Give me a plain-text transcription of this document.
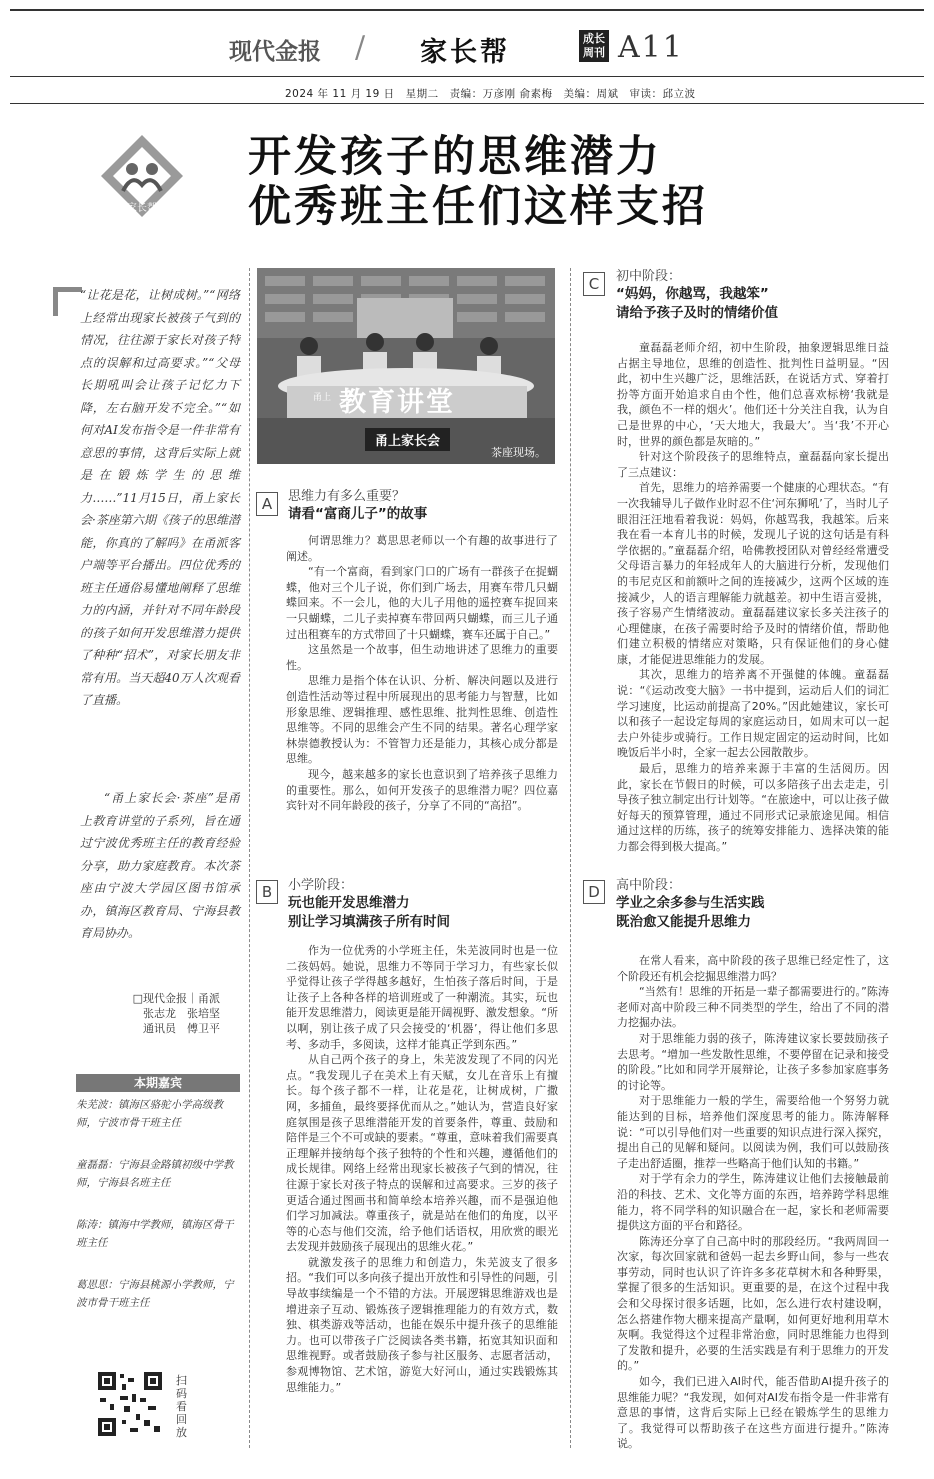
现代金报 / 家长帮	成长
周刊 A11
2024 年 11 月 19 日　星期二　责编：万彦刚 俞素梅　美编：周斌　审读：邱立波
家长帮
开发孩子的思维潜力
优秀班主任们这样支招
“让花是花，让树成树。”“网络上经常出现家长被孩子气到的情况，往往源于家长对孩子特点的误解和过高要求。”“父母长期吼叫会让孩子记忆力下降，左右脑开发不完全。”“如何对AI发布指令是一件非常有意思的事情，这背后实际上就是在锻炼学生的思维力……”11月15日，甬上家长会·茶座第六期《孩子的思维潜能，你真的了解吗》在甬派客户端等平台播出。四位优秀的班主任通俗易懂地阐释了思维力的内涵，并针对不同年龄段的孩子如何开发思维潜力提供了种种“招术”，对家长朋友非常有用。当天超40万人次观看了直播。
“甬上家长会·茶座”是甬上教育讲堂的子系列，旨在通过宁波优秀班主任的教育经验分享，助力家庭教育。本次茶座由宁波大学园区图书馆承办，镇海区教育局、宁海县教育局协办。
□现代金报｜甬派
张志龙　张培坚
通讯员　傅卫平
本期嘉宾
朱芜波：镇海区骆驼小学高级教师，宁波市骨干班主任
童磊磊：宁海县金路镇初级中学教师，宁海县名班主任
陈涛：镇海中学教师，镇海区骨干班主任
葛思思：宁海县桃源小学教师，宁波市骨干班主任
扫码看回放
甬上 教育讲堂
甬上家长会
茶座现场。
A	思维力有多么重要？
请看“富商儿子”的故事

何谓思维力？葛思思老师以一个有趣的故事进行了阐述。

“有一个富商，看到家门口的广场有一群孩子在捉蝴蝶，他对三个儿子说，你们到广场去，用赛车带几只蝴蝶回来。不一会儿，他的大儿子用他的遥控赛车捉回来一只蝴蝶，二儿子卖掉赛车带回两只蝴蝶，而三儿子通过出租赛车的方式带回了十只蝴蝶，赛车还属于自己。”

这虽然是一个故事，但生动地讲述了思维力的重要性。

思维力是指个体在认识、分析、解决问题以及进行创造性活动等过程中所展现出的思考能力与智慧，比如形象思维、逻辑推理、感性思维、批判性思维、创造性思维等。不同的思维会产生不同的结果。著名心理学家林崇德教授认为：不管智力还是能力，其核心成分都是思维。

现今，越来越多的家长也意识到了培养孩子思维力的重要性。那么，如何开发孩子的思维潜力呢？四位嘉宾针对不同年龄段的孩子，分享了不同的“高招”。

B	小学阶段：
玩也能开发思维潜力
别让学习填满孩子所有时间

作为一位优秀的小学班主任，朱芜波同时也是一位二孩妈妈。她说，思维力不等同于学习力，有些家长似乎觉得让孩子学得越多越好，生怕孩子落后时间，于是让孩子上各种各样的培训班或了一种潮流。其实，玩也能开发思维潜力，阅读更是能开阔视野、激发想象。“所以啊，别让孩子成了只会接受的‘机器’，得让他们多思考、多动手，多阅读，这样才能真正学到东西。”

从自己两个孩子的身上，朱芜波发现了不同的闪光点。“我发现儿子在美术上有天赋，女儿在音乐上有擅长。每个孩子都不一样，让花是花，让树成树，广撒网，多捕鱼，最终要择优而从之。”她认为，营造良好家庭氛围是孩子思维潜能开发的首要条件，尊重、鼓励和陪伴是三个不可或缺的要素。“尊重，意味着我们需要真正理解并接纳每个孩子独特的个性和兴趣，遵循他们的成长规律。网络上经常出现家长被孩子气到的情况，往往源于家长对孩子特点的误解和过高要求。三岁的孩子更适合通过图画书和简单绘本培养兴趣，而不是强迫他们学习加减法。尊重孩子，就是站在他们的角度，以平等的心态与他们交流，给予他们话语权，用欣赏的眼光去发现并鼓励孩子展现出的思维火花。”

就激发孩子的思维力和创造力，朱芜波支了很多招。“我们可以多向孩子提出开放性和引导性的问题，引导故事续编是一个不错的方法。开展逻辑思维游戏也是增进亲子互动、锻炼孩子逻辑推理能力的有效方式，数独、棋类游戏等活动，也能在娱乐中提升孩子的思维能力。也可以带孩子广泛阅读各类书籍，拓宽其知识面和思维视野。或者鼓励孩子参与社区服务、志愿者活动，参观博物馆、艺术馆，游览大好河山，通过实践锻炼其思维能力。”

C	初中阶段：
“妈妈，你越骂，我越笨”
请给予孩子及时的情绪价值

童磊磊老师介绍，初中生阶段，抽象逻辑思维日益占据主导地位，思维的创造性、批判性日益明显。“因此，初中生兴趣广泛，思维活跃，在说话方式、穿着打扮等方面开始追求自由个性，他们总喜欢标榜‘我就是我，颜色不一样的烟火’。他们还十分关注自我，认为自己是世界的中心，‘天大地大，我最大’。当‘我’不开心时，世界的颜色都是灰暗的。”

针对这个阶段孩子的思维特点，童磊磊向家长提出了三点建议：

首先，思维力的培养需要一个健康的心理状态。“有一次我辅导儿子做作业时忍不住‘河东狮吼’了，当时儿子眼泪汪汪地看着我说：妈妈，你越骂我，我越笨。后来我在看一本育儿书的时候，发现儿子说的这句话是有科学依据的。”童磊磊介绍，哈佛教授团队对曾经经常遭受父母语言暴力的年轻成年人的大脑进行分析，发现他们的韦尼克区和前额叶之间的连接减少，这两个区域的连接减少，人的语言理解能力就越差。初中生语言爱挑，孩子容易产生情绪波动。童磊磊建议家长多关注孩子的心理健康，在孩子需要时给予及时的情绪价值，帮助他们建立积极的情绪应对策略，只有保证他们的身心健康，才能促进思维能力的发展。

其次，思维力的培养离不开强健的体魄。童磊磊说：“《运动改变大脑》一书中提到，运动后人们的词汇学习速度，比运动前提高了20%。”因此她建议，家长可以和孩子一起设定每周的家庭运动日，如周末可以一起去户外徒步或骑行。工作日规定固定的运动时间，比如晚饭后半小时，全家一起去公园散散步。

最后，思维力的培养来源于丰富的生活阅历。因此，家长在节假日的时候，可以多陪孩子出去走走，引导孩子独立制定出行计划等。“在旅途中，可以让孩子做好每天的预算管理，通过不同形式记录旅途见闻。相信通过这样的历练，孩子的统筹安排能力、选择决策的能力都会得到极大提高。”

D	高中阶段：
学业之余多参与生活实践
既治愈又能提升思维力

在常人看来，高中阶段的孩子思维已经定性了，这个阶段还有机会挖掘思维潜力吗？

“当然有！思维的开拓是一辈子都需要进行的。”陈涛老师对高中阶段三种不同类型的学生，给出了不同的潜力挖掘办法。

对于思维能力弱的孩子，陈涛建议家长要鼓励孩子去思考。“增加一些发散性思维，不要停留在记录和接受的阶段。”比如和同学开展辩论，让孩子多参加家庭事务的讨论等。

对于思维能力一般的学生，需要给他一个努努力就能达到的目标，培养他们深度思考的能力。陈涛解释说：“可以引导他们对一些重要的知识点进行深入探究，提出自己的见解和疑问。以阅读为例，我们可以鼓励孩子走出舒适圈，推荐一些略高于他们认知的书籍。”

对于学有余力的学生，陈涛建议让他们去接触最前沿的科技、艺术、文化等方面的东西，培养跨学科思维能力，将不同学科的知识融合在一起，家长和老师需要提供这方面的平台和路径。

陈涛还分享了自己高中时的那段经历。“我两周回一次家，每次回家就和爸妈一起去乡野山间，参与一些农事劳动，同时也认识了许许多多花草树木和各种野果，掌握了很多的生活知识。更重要的是，在这个过程中我会和父母探讨很多话题，比如，怎么进行农村建设啊，怎么搭建作物大棚来提高产量啊，如何更好地利用草木灰啊。我觉得这个过程非常治愈，同时思维能力也得到了发散和提升，必要的生活实践是有利于思维力的开发的。”

如今，我们已进入AI时代，能否借助AI提升孩子的思维能力呢？“我发现，如何对AI发布指令是一件非常有意思的事情，这背后实际上已经在锻炼学生的思维力了。我觉得可以帮助孩子在这些方面进行提升。”陈涛说。
